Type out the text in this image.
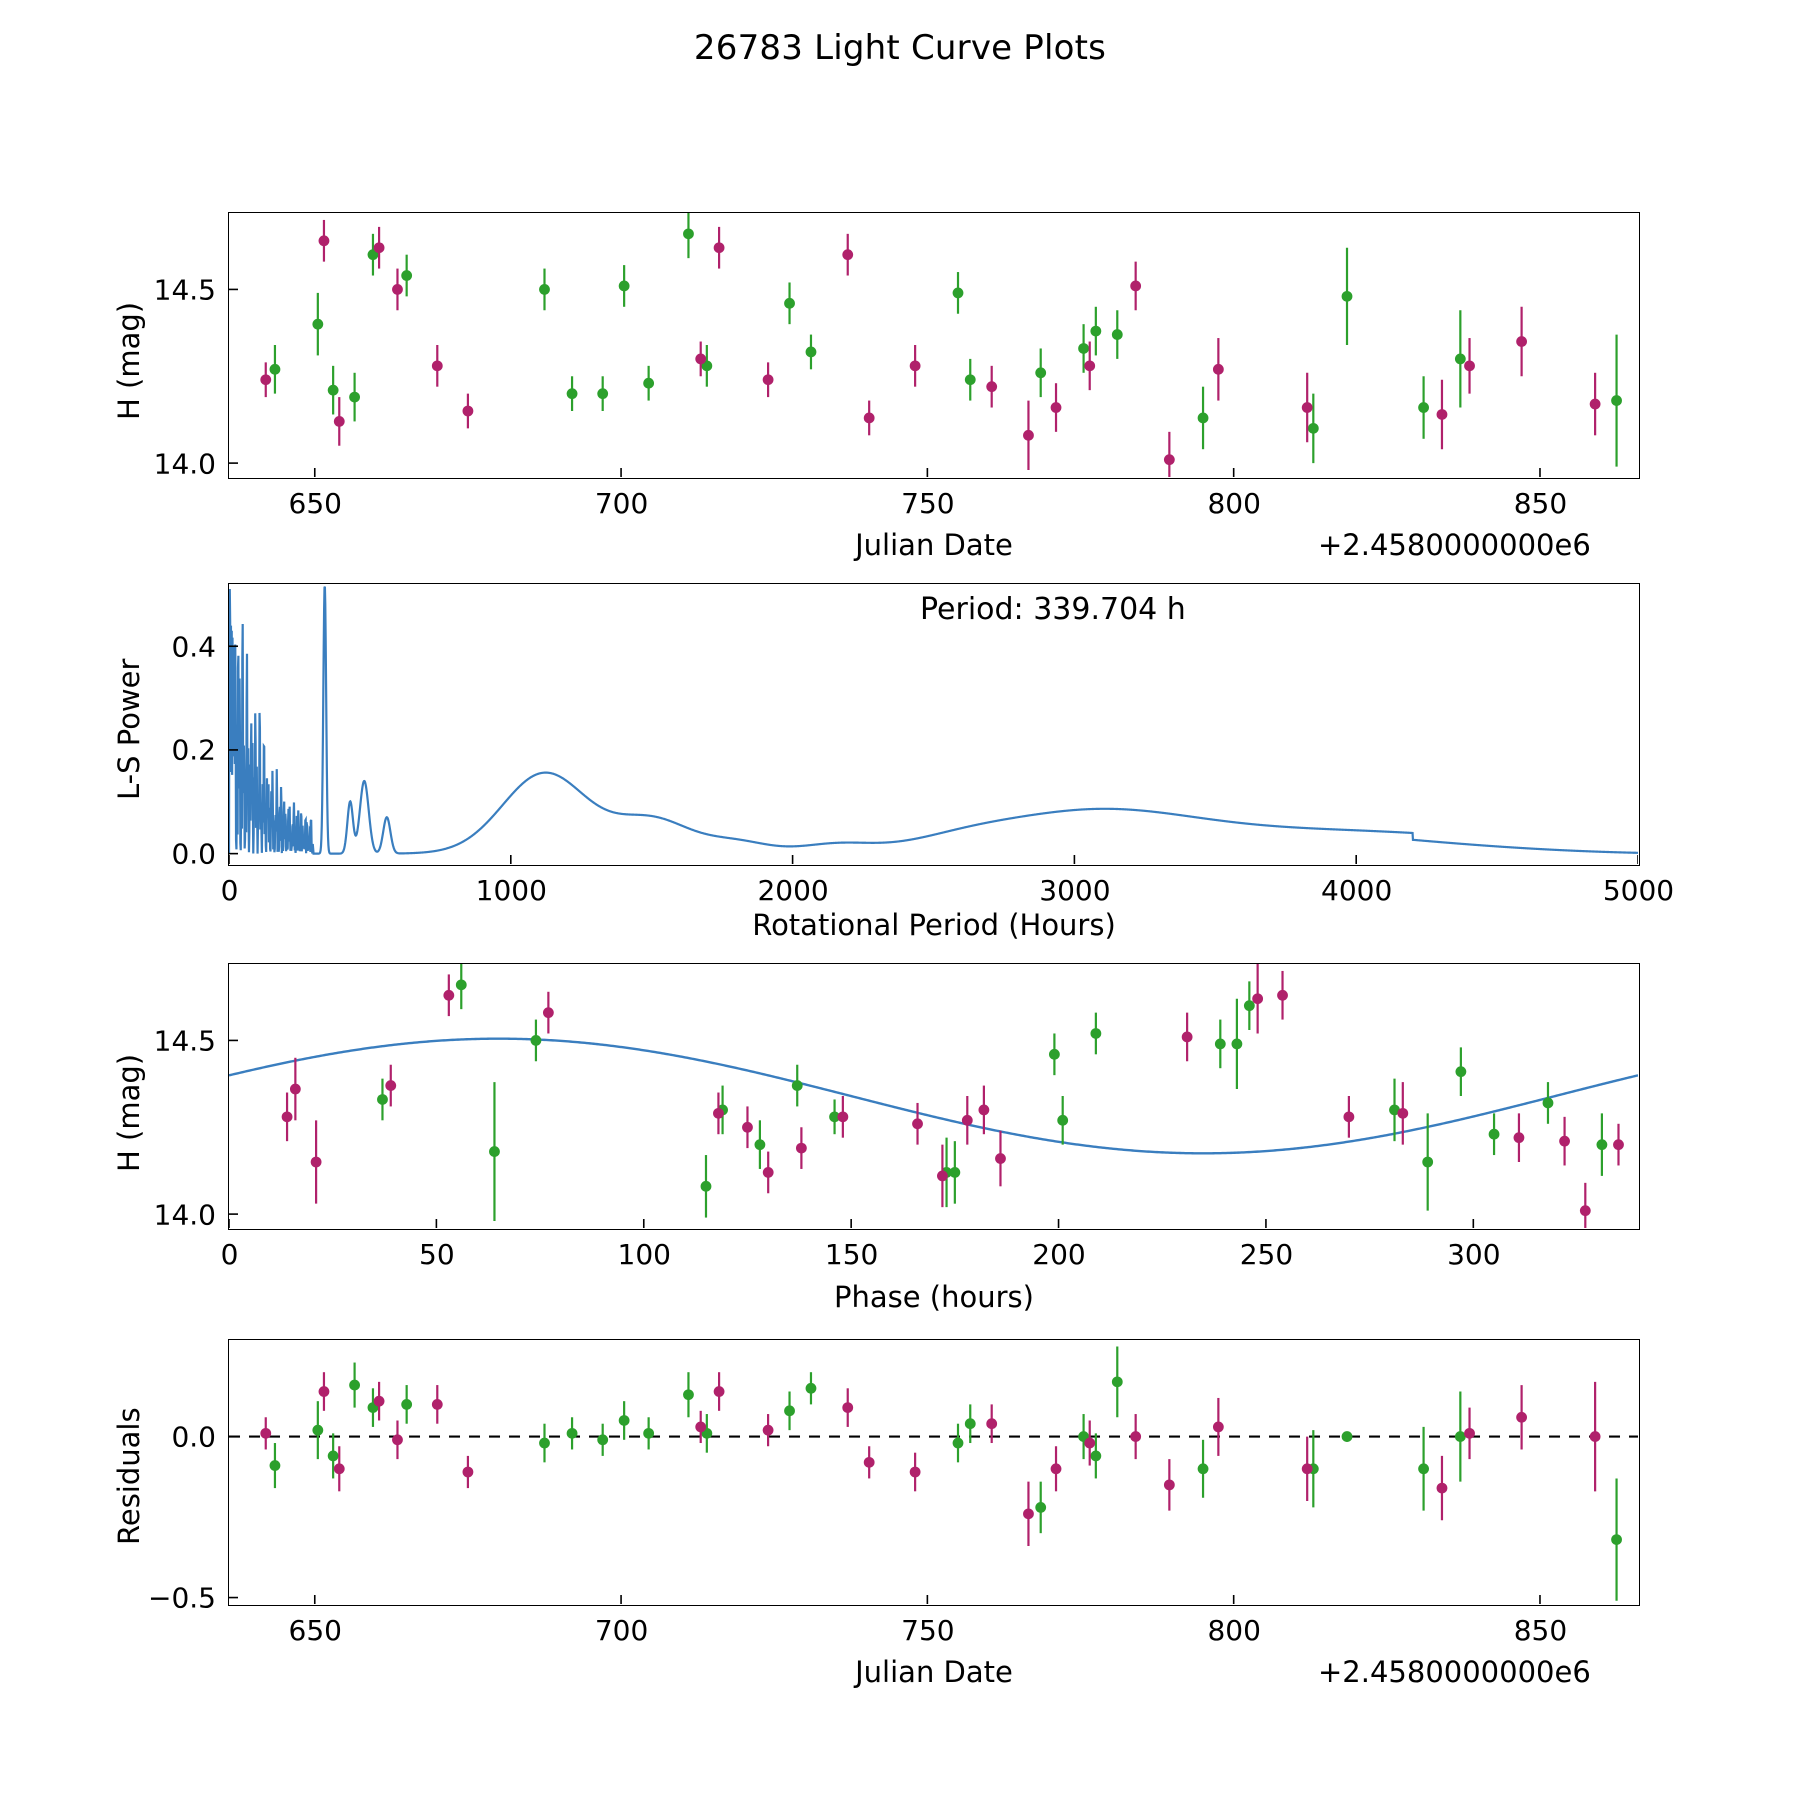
26783 Light Curve Plots
H (mag)
Julian Date	+2.4580000000e6
L-S Power
Rotational Period (Hours)
Period: 339.704 h
H (mag)
Phase (hours)
Residuals
Julian Date	+2.4580000000e6
650	700	750	800	850
14.0
14.5
0	1000	2000	3000	4000	5000
0.0
0.2
0.4
0	50	100	150	200	250	300
14.0
14.5
650	700	750	800	850
0.0
−0.5
